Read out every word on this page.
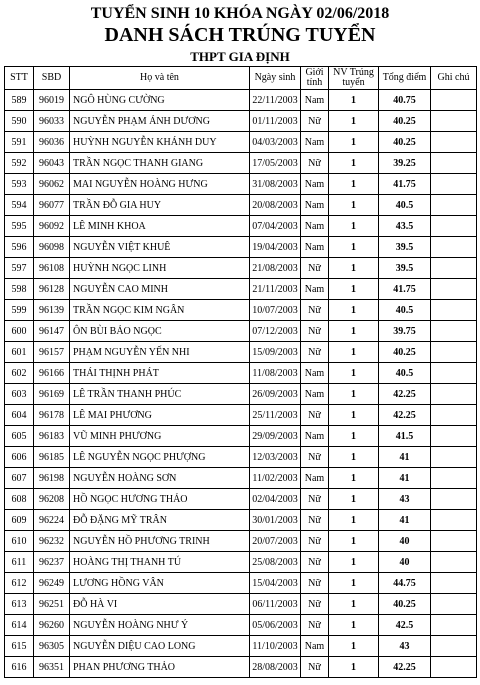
TUYỂN SINH 10 KHÓA NGÀY 02/06/2018
DANH SÁCH TRÚNG TUYỂN
THPT GIA ĐỊNH
STT	SBD	Họ và tên	Ngày sinh	Giới tính	NV Trúng tuyển	Tổng điểm	Ghi chú
589	96019	NGÔ HÙNG CƯỜNG	22/11/2003	Nam	1	40.75	
590	96033	NGUYỄN PHẠM ÁNH DƯƠNG	01/11/2003	Nữ	1	40.25	
591	96036	HUỲNH NGUYỄN KHÁNH DUY	04/03/2003	Nam	1	40.25	
592	96043	TRẦN NGỌC THANH GIANG	17/05/2003	Nữ	1	39.25	
593	96062	MAI NGUYỄN HOÀNG HƯNG	31/08/2003	Nam	1	41.75	
594	96077	TRẦN ĐỖ GIA HUY	20/08/2003	Nam	1	40.5	
595	96092	LÊ MINH KHOA	07/04/2003	Nam	1	43.5	
596	96098	NGUYỄN VIỆT KHUÊ	19/04/2003	Nam	1	39.5	
597	96108	HUỲNH NGỌC LINH	21/08/2003	Nữ	1	39.5	
598	96128	NGUYỄN CAO MINH	21/11/2003	Nam	1	41.75	
599	96139	TRẦN NGỌC KIM NGÂN	10/07/2003	Nữ	1	40.5	
600	96147	ÔN BÙI BẢO NGỌC	07/12/2003	Nữ	1	39.75	
601	96157	PHẠM NGUYỄN YẾN NHI	15/09/2003	Nữ	1	40.25	
602	96166	THÁI THỊNH PHÁT	11/08/2003	Nam	1	40.5	
603	96169	LÊ TRẦN THANH PHÚC	26/09/2003	Nam	1	42.25	
604	96178	LÊ MAI PHƯƠNG	25/11/2003	Nữ	1	42.25	
605	96183	VŨ MINH PHƯƠNG	29/09/2003	Nam	1	41.5	
606	96185	LÊ NGUYỄN NGỌC PHƯỢNG	12/03/2003	Nữ	1	41	
607	96198	NGUYỄN HOÀNG SƠN	11/02/2003	Nam	1	41	
608	96208	HỒ NGỌC HƯƠNG THẢO	02/04/2003	Nữ	1	43	
609	96224	ĐỖ ĐẶNG MỸ TRÂN	30/01/2003	Nữ	1	41	
610	96232	NGUYỄN HỒ PHƯƠNG TRINH	20/07/2003	Nữ	1	40	
611	96237	HOÀNG THỊ THANH TÚ	25/08/2003	Nữ	1	40	
612	96249	LƯƠNG HỒNG VÂN	15/04/2003	Nữ	1	44.75	
613	96251	ĐỖ HÀ VI	06/11/2003	Nữ	1	40.25	
614	96260	NGUYỄN HOÀNG NHƯ Ý	05/06/2003	Nữ	1	42.5	
615	96305	NGUYỄN DIỆU CAO LONG	11/10/2003	Nam	1	43	
616	96351	PHAN PHƯƠNG THẢO	28/08/2003	Nữ	1	42.25	
